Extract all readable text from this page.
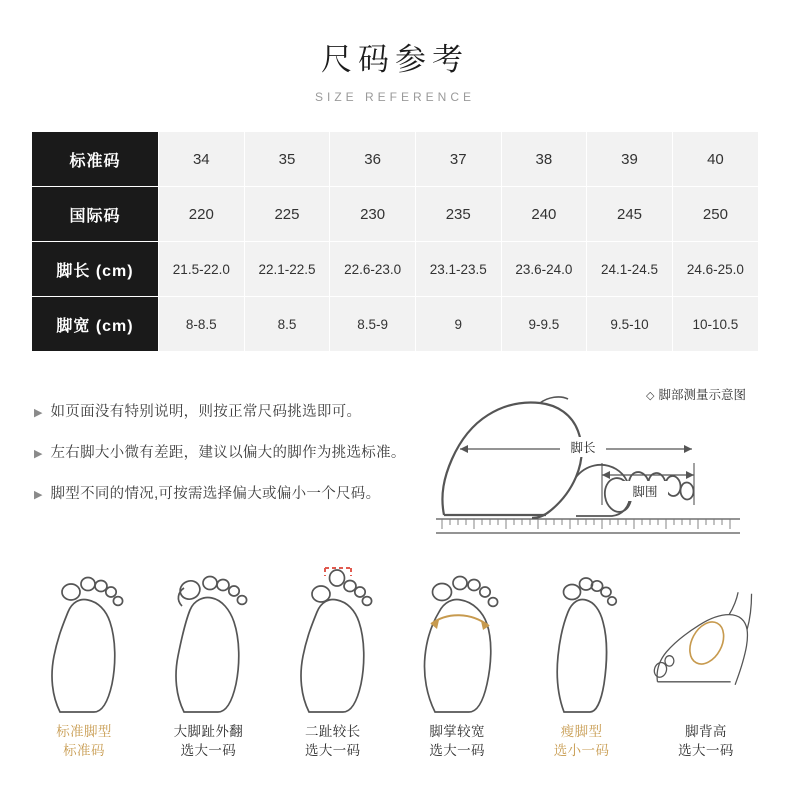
尺码参考
SIZE REFERENCE
标准码	34	35	36	37	38	39	40
国际码	220	225	230	235	240	245	250
脚长 (cm)	21.5-22.0	22.1-22.5	22.6-23.0	23.1-23.5	23.6-24.0	24.1-24.5	24.6-25.0
脚宽 (cm)	8-8.5	8.5	8.5-9	9	9-9.5	9.5-10	10-10.5
▶ 如页面没有特别说明，则按正常尺码挑选即可。
▶ 左右脚大小微有差距，建议以偏大的脚作为挑选标准。
▶ 脚型不同的情况,可按需选择偏大或偏小一个尺码。
◇ 脚部测量示意图
脚长
脚围
标准脚型
标准码
大脚趾外翻
选大一码
二趾较长
选大一码
脚掌较宽
选大一码
瘦脚型
选小一码
脚背高
选大一码
